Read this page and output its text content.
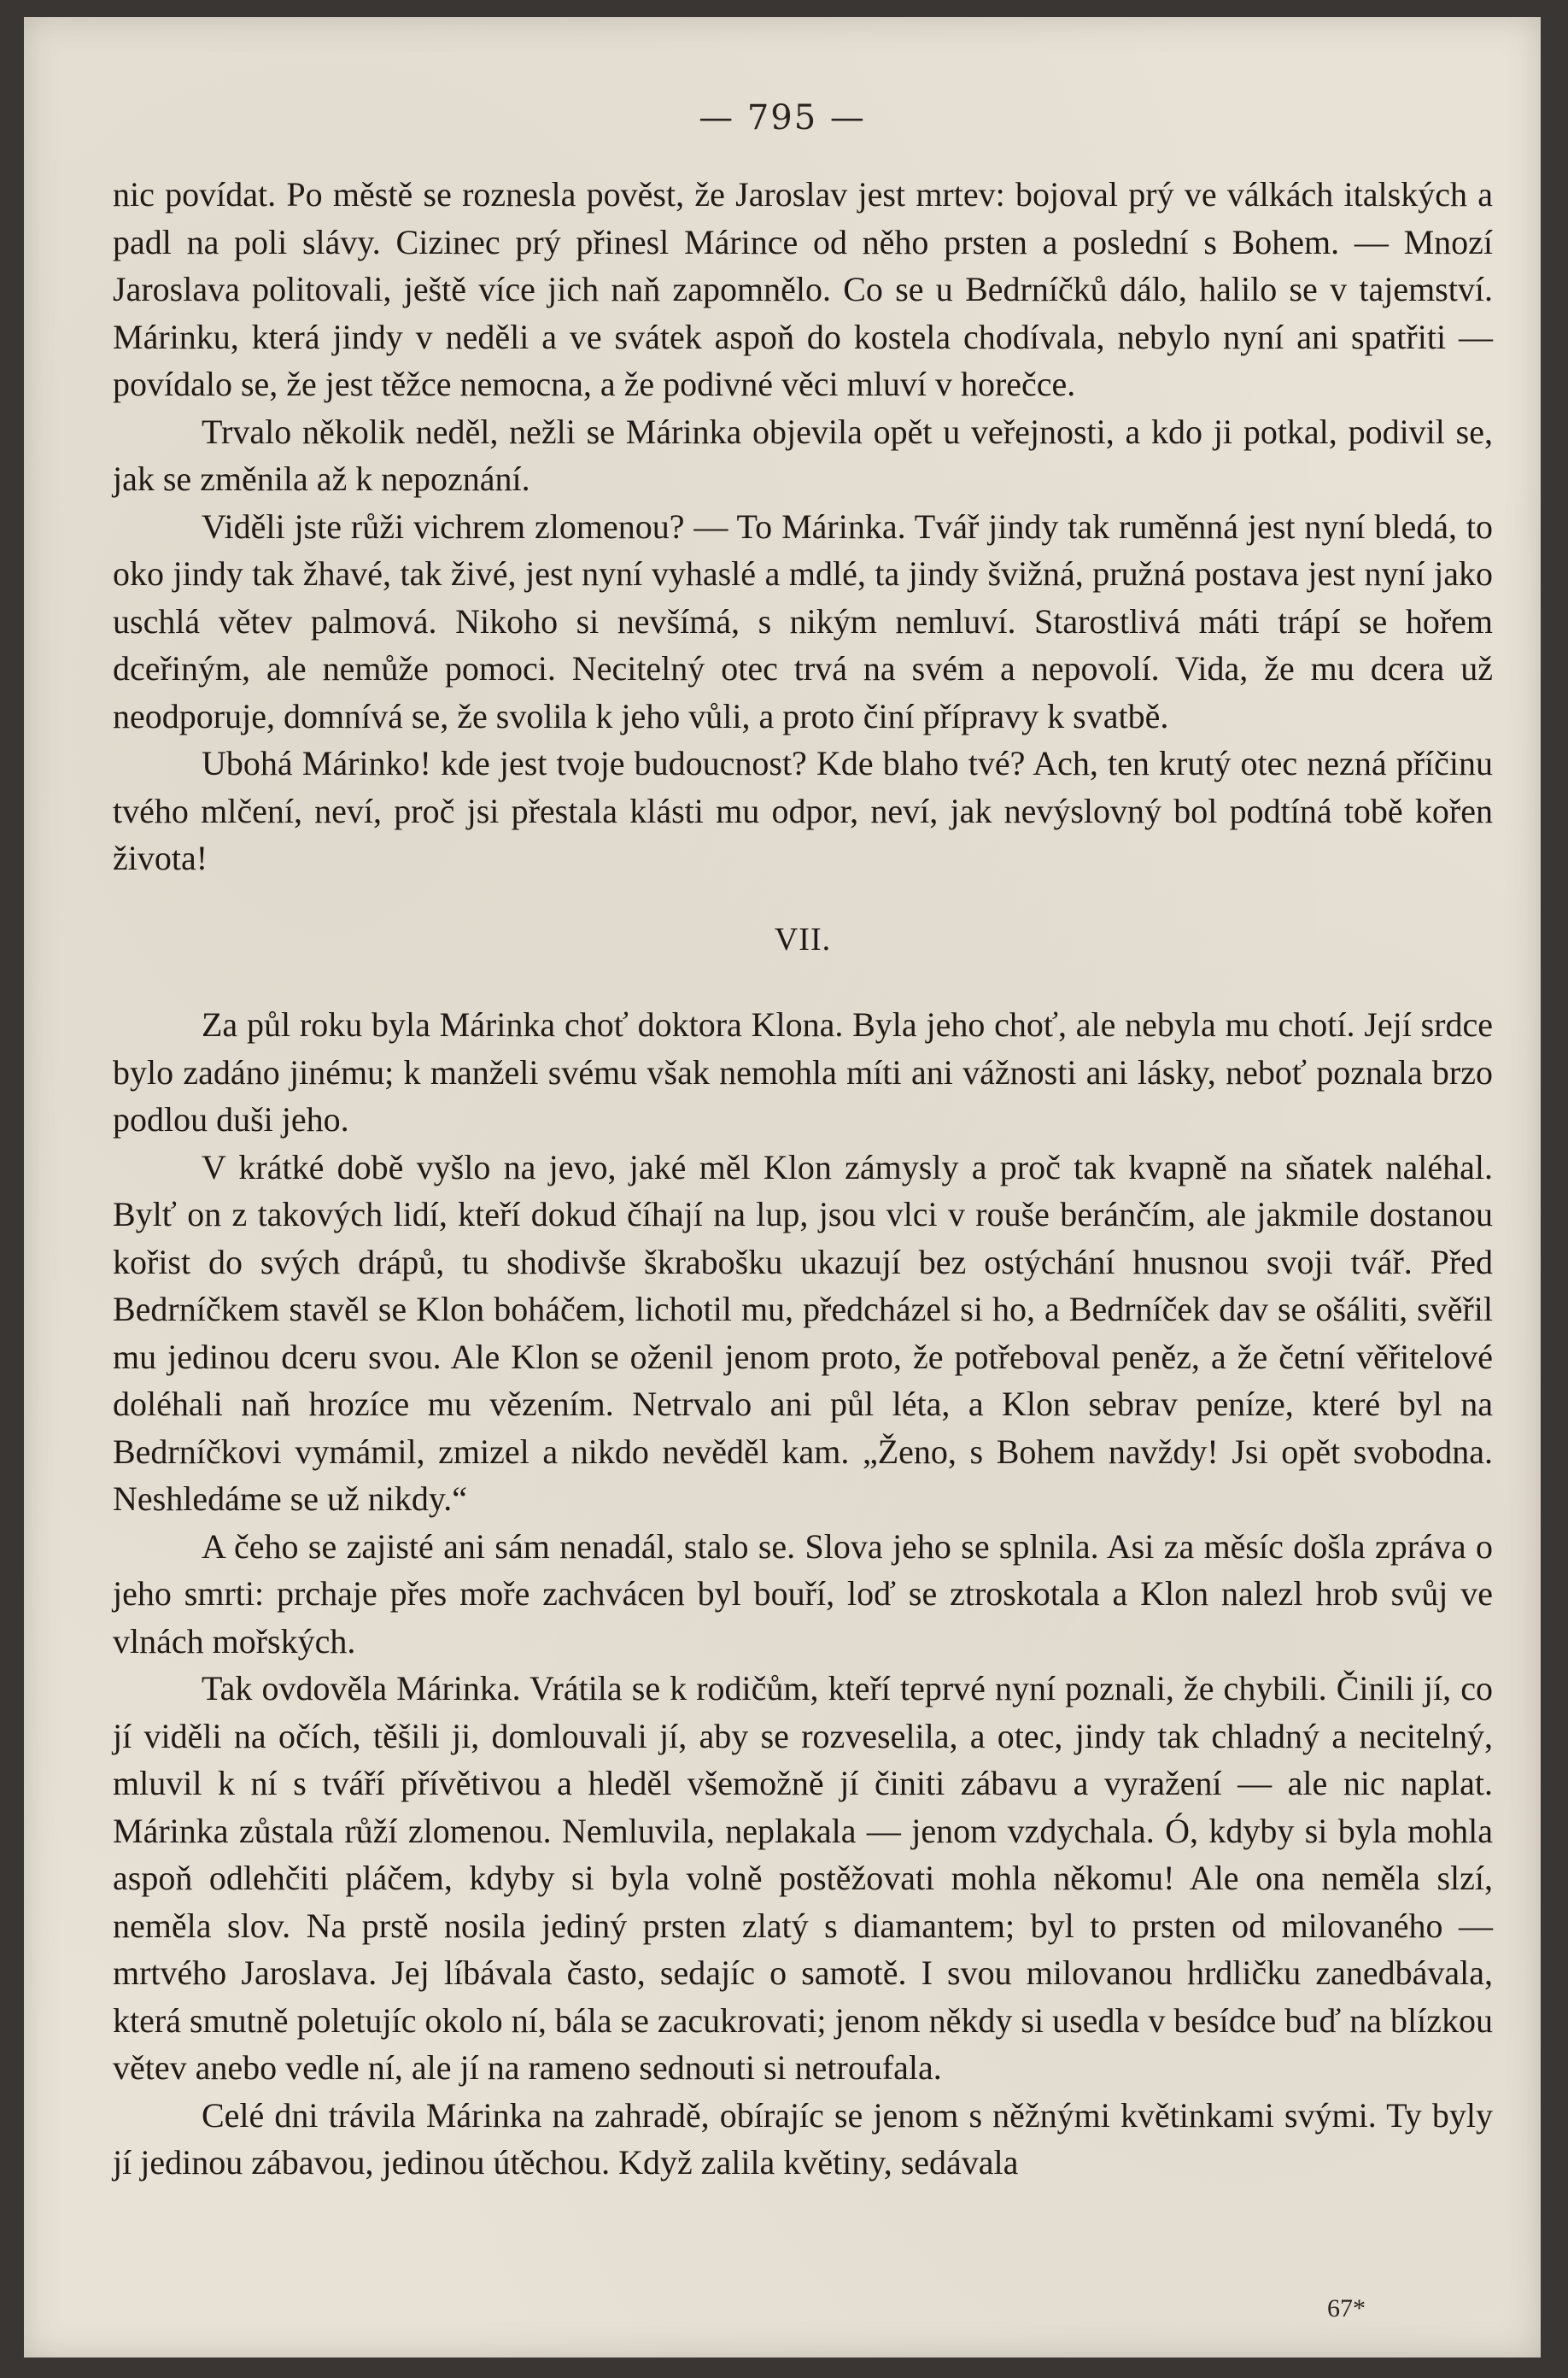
— 795 —

nic povídat. Po městě se roznesla pověst, že Jaroslav jest mrtev: bojoval prý ve válkách italských a padl na poli slávy. Cizinec prý přinesl Márince od něho prsten a poslední s Bohem. — Mnozí Jaroslava politovali, ještě více jich naň zapomnělo. Co se u Bedrníčků dálo, halilo se v tajemství. Márinku, která jindy v neděli a ve svátek aspoň do kostela chodívala, nebylo nyní ani spatřiti — povídalo se, že jest těžce nemocna, a že podivné věci mluví v horečce.

Trvalo několik neděl, nežli se Márinka objevila opět u veřejnosti, a kdo ji potkal, podivil se, jak se změnila až k nepoznání.

Viděli jste růži vichrem zlomenou? — To Márinka. Tvář jindy tak ruměnná jest nyní bledá, to oko jindy tak žhavé, tak živé, jest nyní vyhaslé a mdlé, ta jindy švižná, pružná postava jest nyní jako uschlá větev palmová. Nikoho si nevšímá, s nikým nemluví. Starostlivá máti trápí se hořem dceřiným, ale nemůže pomoci. Necitelný otec trvá na svém a nepovolí. Vida, že mu dcera už neodporuje, domnívá se, že svolila k jeho vůli, a proto činí přípravy k svatbě.

Ubohá Márinko! kde jest tvoje budoucnost? Kde blaho tvé? Ach, ten krutý otec nezná příčinu tvého mlčení, neví, proč jsi přestala klásti mu odpor, neví, jak nevýslovný bol podtíná tobě kořen života!

VII.

Za půl roku byla Márinka choť doktora Klona. Byla jeho choť, ale nebyla mu chotí. Její srdce bylo zadáno jinému; k manželi svému však nemohla míti ani vážnosti ani lásky, neboť poznala brzo podlou duši jeho.

V krátké době vyšlo na jevo, jaké měl Klon zámysly a proč tak kvapně na sňatek naléhal. Bylť on z takových lidí, kteří dokud číhají na lup, jsou vlci v rouše beránčím, ale jakmile dostanou kořist do svých drápů, tu shodivše škrabošku ukazují bez ostýchání hnusnou svoji tvář. Před Bedrníčkem stavěl se Klon boháčem, lichotil mu, předcházel si ho, a Bedrníček dav se ošáliti, svěřil mu jedinou dceru svou. Ale Klon se oženil jenom proto, že potřeboval peněz, a že četní věřitelové doléhali naň hrozíce mu vězením. Netrvalo ani půl léta, a Klon sebrav peníze, které byl na Bedrníčkovi vymámil, zmizel a nikdo nevěděl kam. „Ženo, s Bohem navždy! Jsi opět svobodna. Neshledáme se už nikdy.“

A čeho se zajisté ani sám nenadál, stalo se. Slova jeho se splnila. Asi za měsíc došla zpráva o jeho smrti: prchaje přes moře zachvácen byl bouří, loď se ztroskotala a Klon nalezl hrob svůj ve vlnách mořských.

Tak ovdověla Márinka. Vrátila se k rodičům, kteří teprvé nyní poznali, že chybili. Činili jí, co jí viděli na očích, těšili ji, domlouvali jí, aby se rozveselila, a otec, jindy tak chladný a necitelný, mluvil k ní s tváří přívětivou a hleděl všemožně jí činiti zábavu a vyražení — ale nic naplat. Márinka zůstala růží zlomenou. Nemluvila, neplakala — jenom vzdychala. Ó, kdyby si byla mohla aspoň odlehčiti pláčem, kdyby si byla volně postěžovati mohla někomu! Ale ona neměla slzí, neměla slov. Na prstě nosila jediný prsten zlatý s diamantem; byl to prsten od milovaného — mrtvého Jaroslava. Jej líbávala často, sedajíc o samotě. I svou milovanou hrdličku zanedbávala, která smutně poletujíc okolo ní, bála se zacukrovati; jenom někdy si usedla v besídce buď na blízkou větev anebo vedle ní, ale jí na rameno sednouti si netroufala.

Celé dni trávila Márinka na zahradě, obírajíc se jenom s něžnými květinkami svými. Ty byly jí jedinou zábavou, jedinou útěchou. Když zalila květiny, sedávala

67*
